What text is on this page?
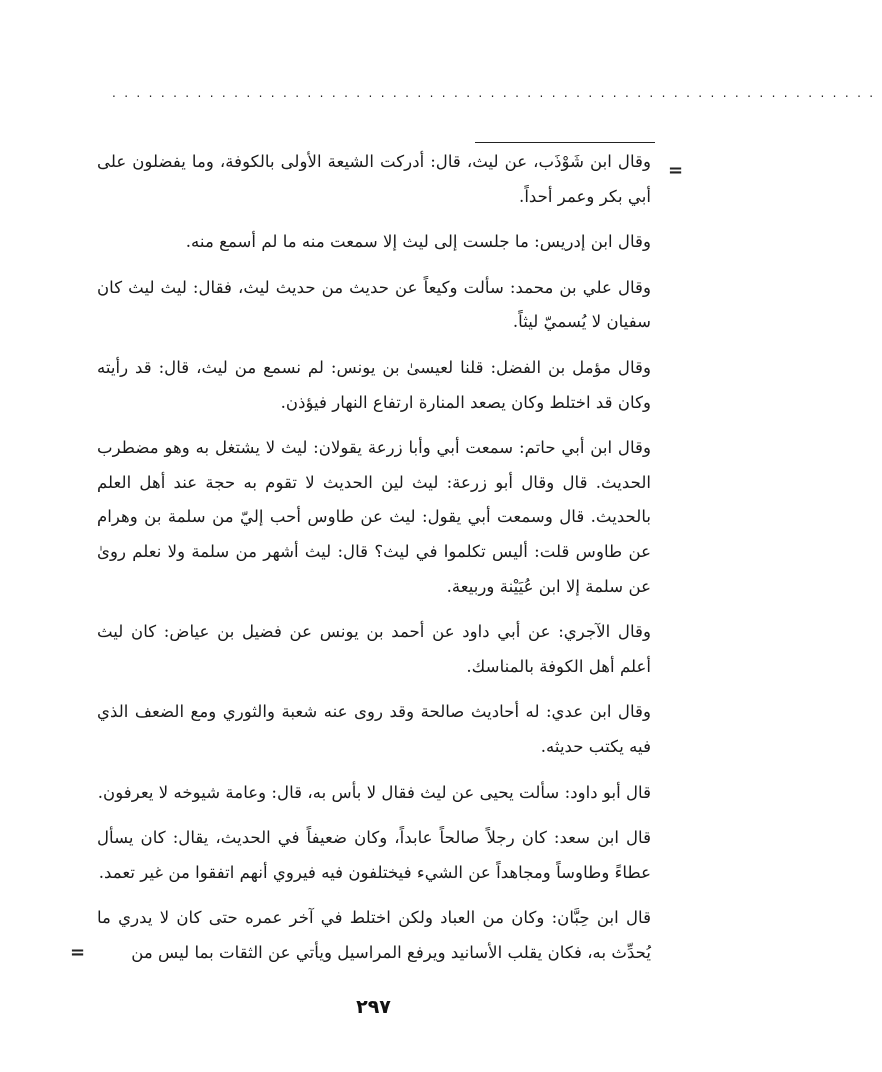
...............................................................
=

وقال ابن شَوْذَب، عن ليث، قال: أدركت الشيعة الأولى بالكوفة، وما يفضلون على أبي بكر وعمر أحداً.

وقال ابن إدريس: ما جلست إلى ليث إلا سمعت منه ما لم أسمع منه.

وقال علي بن محمد: سألت وكيعاً عن حديث من حديث ليث، فقال: ليث ليث كان سفيان لا يُسميّ ليثاً.

وقال مؤمل بن الفضل: قلنا لعيسىٰ بن يونس: لم نسمع من ليث، قال: قد رأيته وكان قد اختلط وكان يصعد المنارة ارتفاع النهار فيؤذن.

وقال ابن أبي حاتم: سمعت أبي وأبا زرعة يقولان: ليث لا يشتغل به وهو مضطرب الحديث. قال وقال أبو زرعة: ليث لين الحديث لا تقوم به حجة عند أهل العلم بالحديث. قال وسمعت أبي يقول: ليث عن طاوس أحب إليّ من سلمة بن وهرام عن طاوس قلت: أليس تكلموا في ليث؟ قال: ليث أشهر من سلمة ولا نعلم روىٰ عن سلمة إلا ابن عُيَيْنة وربيعة.

وقال الآجري: عن أبي داود عن أحمد بن يونس عن فضيل بن عياض: كان ليث أعلم أهل الكوفة بالمناسك.

وقال ابن عدي: له أحاديث صالحة وقد روى عنه شعبة والثوري ومع الضعف الذي فيه يكتب حديثه.

قال أبو داود: سألت يحيى عن ليث فقال لا بأس به، قال: وعامة شيوخه لا يعرفون.

قال ابن سعد: كان رجلاً صالحاً عابداً، وكان ضعيفاً في الحديث، يقال: كان يسأل عطاءً وطاوساً ومجاهداً عن الشيء فيختلفون فيه فيروي أنهم اتفقوا من غير تعمد.

قال ابن حِبَّان: وكان من العباد ولكن اختلط في آخر عمره حتى كان لا يدري ما يُحدِّث به، فكان يقلب الأسانيد ويرفع المراسيل ويأتي عن الثقات بما ليس من

=
٢٩٧
